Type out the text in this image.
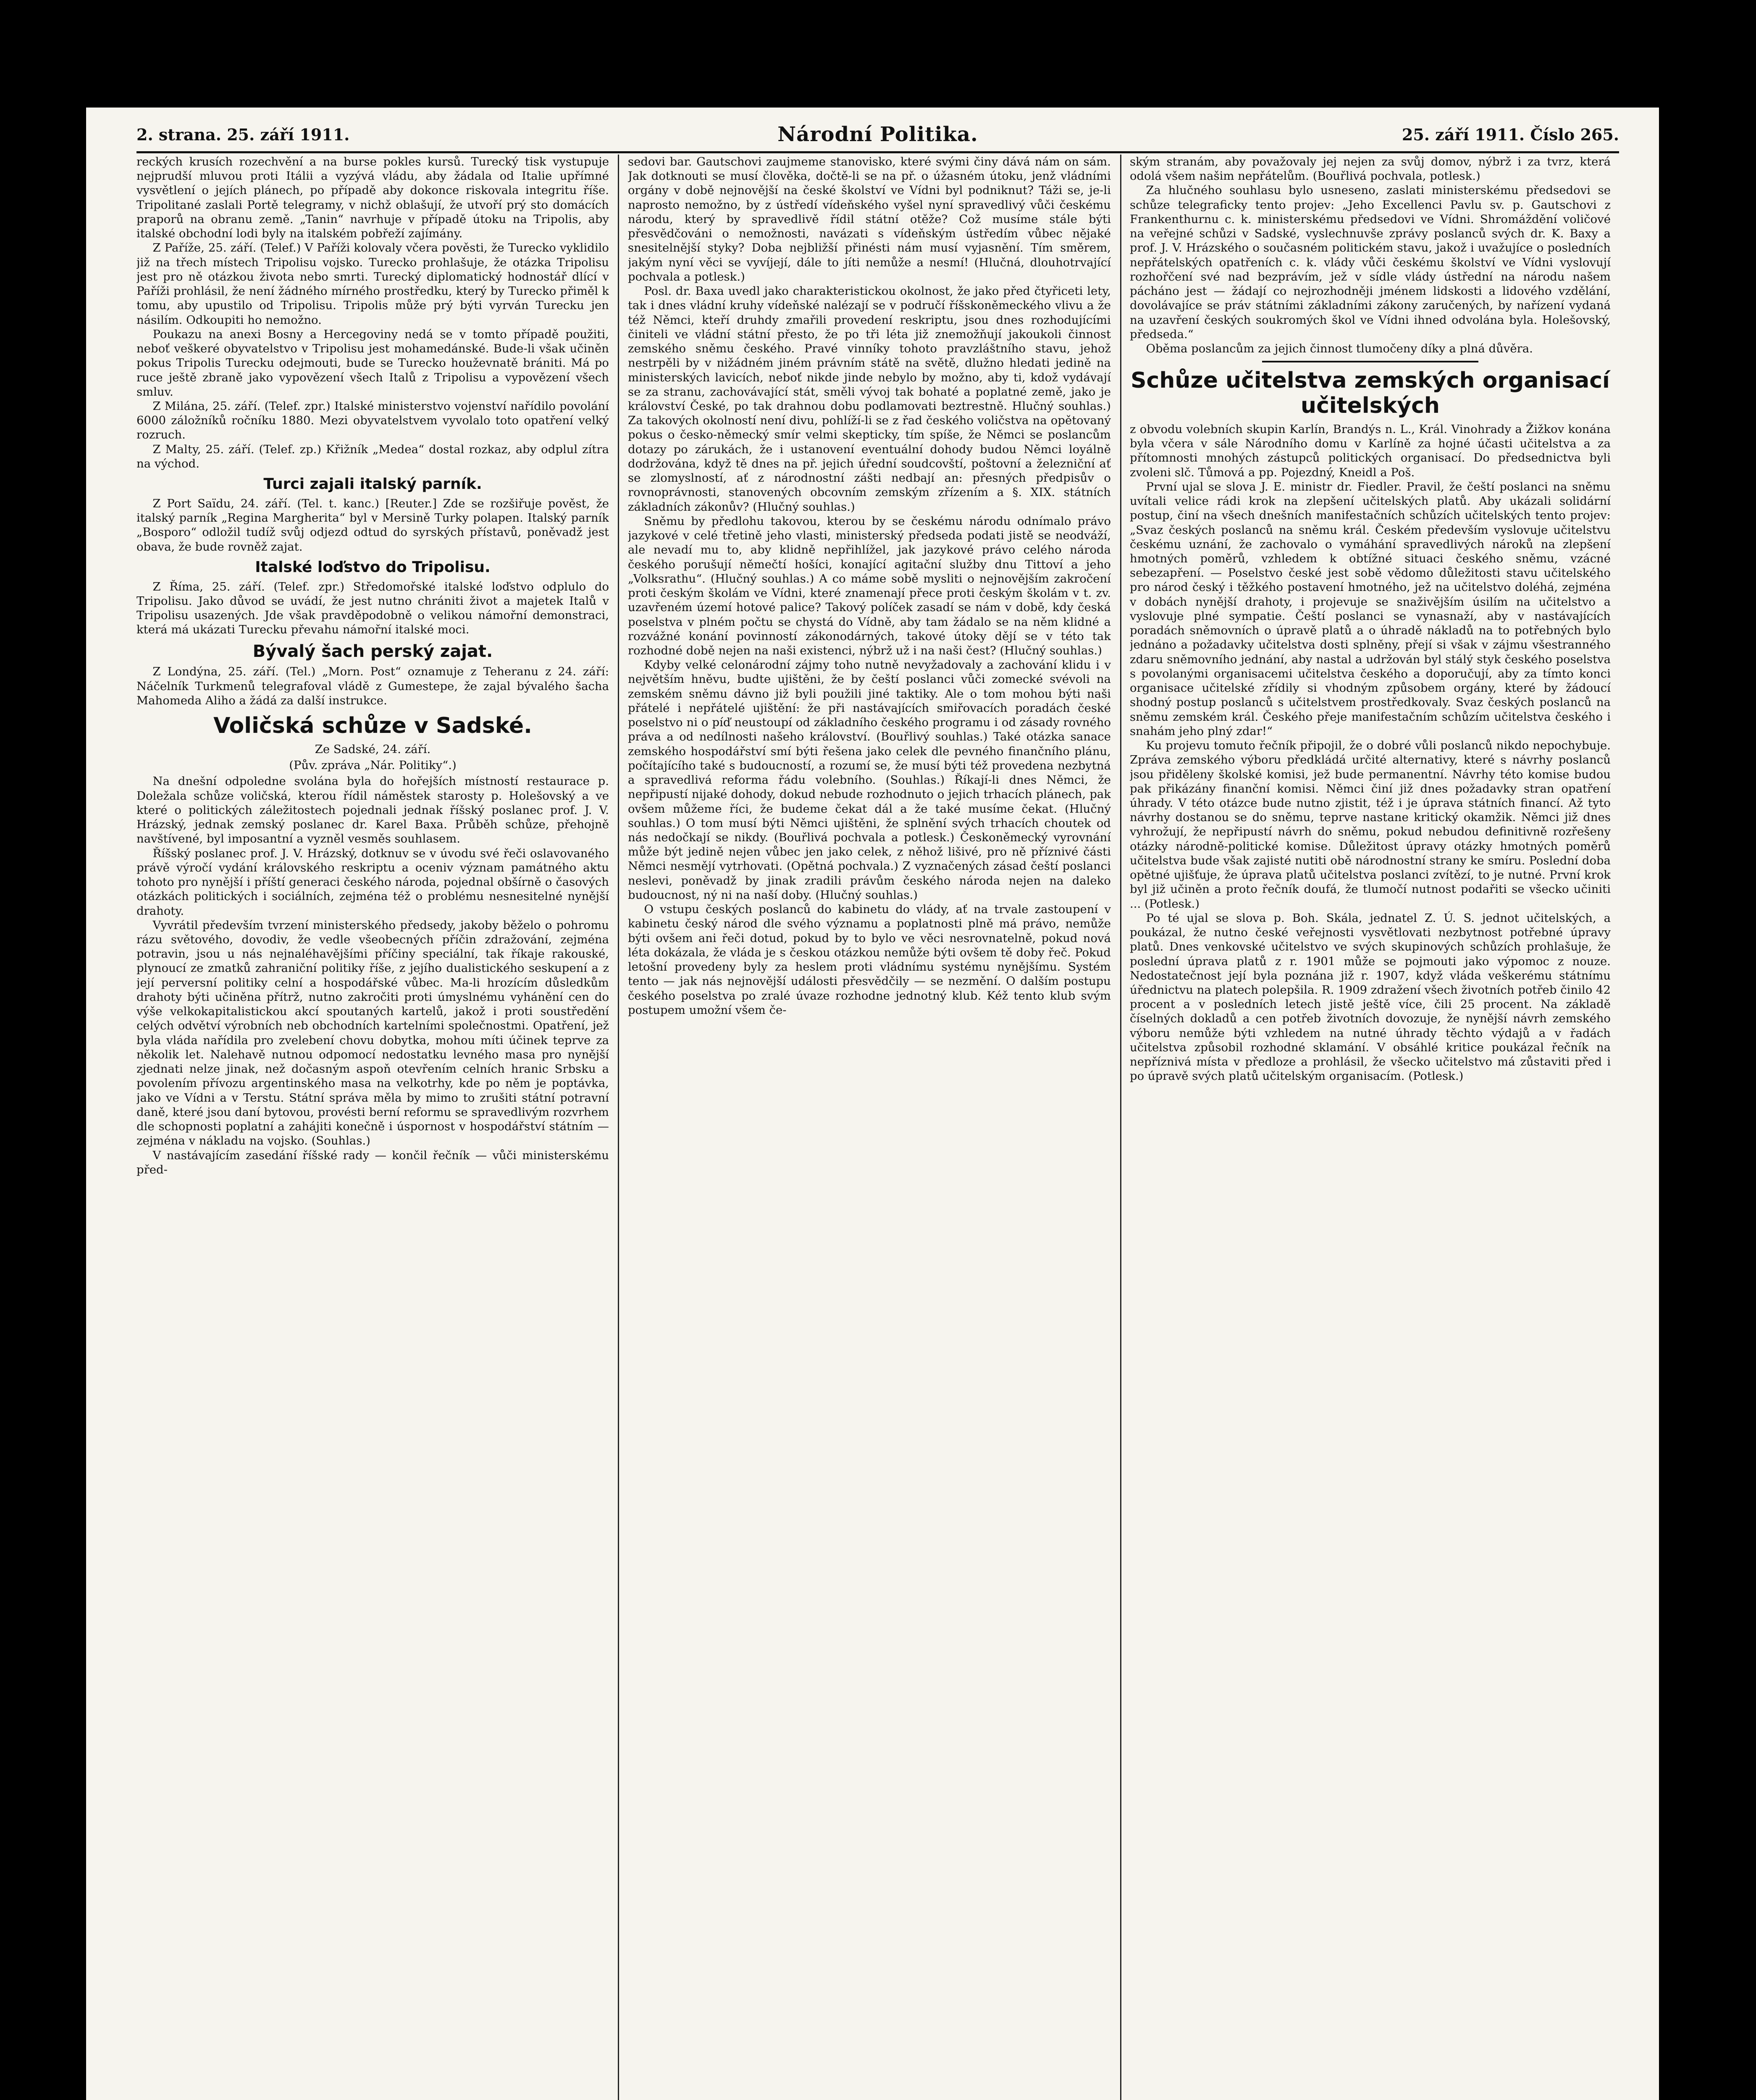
2. strana. 25. září 1911.	Národní Politika.	25. září 1911. Číslo 265.

reckých krusích rozechvění a na burse pokles kursů. Turecký tisk vystupuje nejprudší mluvou proti Itálii a vyzývá vládu, aby žádala od Italie upřímné vysvětlení o jejích plánech, po případě aby dokonce riskovala integritu říše. Tripolitané zaslali Portě telegramy, v nichž oblašují, že utvoří prý sto domácích praporů na obranu země. „Tanin“ navrhuje v případě útoku na Tripolis, aby italské obchodní lodi byly na italském pobřeží zajímány.

Z Paříže, 25. září. (Telef.) V Paříži kolovaly včera pověsti, že Turecko vyklidilo již na třech místech Tripolisu vojsko. Turecko prohlašuje, že otázka Tripolisu jest pro ně otázkou života nebo smrti. Turecký diplomatický hodnostář dlící v Paříži prohlásil, že není žádného mírného prostředku, který by Turecko přiměl k tomu, aby upustilo od Tripolisu. Tripolis může prý býti vyrván Turecku jen násilím. Odkoupiti ho nemožno.

Poukazu na anexi Bosny a Hercegoviny nedá se v tomto případě použiti, neboť veškeré obyvatelstvo v Tripolisu jest mohamedánské. Bude-li však učiněn pokus Tripolis Turecku odejmouti, bude se Turecko houževnatě brániti. Má po ruce ještě zbraně jako vypovězení všech Italů z Tripolisu a vypovězení všech smluv.

Z Milána, 25. září. (Telef. zpr.) Italské ministerstvo vojenství nařídilo povolání 6000 záložníků ročníku 1880. Mezi obyvatelstvem vyvolalo toto opatření velký rozruch.

Z Malty, 25. září. (Telef. zp.) Křižník „Medea“ dostal rozkaz, aby odplul zítra na východ.

Turci zajali italský parník.

Z Port Saïdu, 24. září. (Tel. t. kanc.) [Reuter.] Zde se rozšiřuje pověst, že italský parník „Regina Margherita“ byl v Mersině Turky polapen. Italský parník „Bosporo“ odložil tudíž svůj odjezd odtud do syrských přístavů, poněvadž jest obava, že bude rovněž zajat.

Italské loďstvo do Tripolisu.

Z Říma, 25. září. (Telef. zpr.) Středomořské italské loďstvo odplulo do Tripolisu. Jako důvod se uvádí, že jest nutno chrániti život a majetek Italů v Tripolisu usazených. Jde však pravděpodobně o velikou námořní demonstraci, která má ukázati Turecku převahu námořní italské moci.

Bývalý šach perský zajat.

Z Londýna, 25. září. (Tel.) „Morn. Post“ oznamuje z Teheranu z 24. září: Náčelník Turkmenů telegrafoval vládě z Gumestepe, že zajal bývalého šacha Mahomeda Aliho a žádá za další instrukce.

Voličská schůze v Sadské.
Ze Sadské, 24. září.
(Pův. zpráva „Nár. Politiky“.)

Na dnešní odpoledne svolána byla do hořejších místností restaurace p. Doležala schůze voličská, kterou řídil náměstek starosty p. Holešovský a ve které o politických záležitostech pojednali jednak říšský poslanec prof. J. V. Hrázský, jednak zemský poslanec dr. Karel Baxa. Průběh schůze, přehojně navštívené, byl imposantní a vyzněl vesměs souhlasem.

Říšský poslanec prof. J. V. Hrázský, dotknuv se v úvodu své řeči oslavovaného právě výročí vydání královského reskriptu a oceniv význam památného aktu tohoto pro nynější i příští generaci českého národa, pojednal obšírně o časových otázkách politických i sociálních, zejména též o problému nesnesitelné nynější drahoty.

Vyvrátil především tvrzení ministerského předsedy, jakoby běželo o pohromu rázu světového, dovodiv, že vedle všeobecných příčin zdražování, zejména potravin, jsou u nás nejnaléhavějšími příčiny speciální, tak říkaje rakouské, plynoucí ze zmatků zahraniční politiky říše, z jejího dualistického seskupení a z její perversní politiky celní a hospodářské vůbec. Ma-li hrozícím důsledkům drahoty býti učiněna přítrž, nutno zakročiti proti úmyslnému vyhánění cen do výše velkokapitalistickou akcí spoutaných kartelů, jakož i proti soustředění celých odvětví výrobních neb obchodních kartelními společnostmi. Opatření, jež byla vláda nařídila pro zvelebení chovu dobytka, mohou míti účinek teprve za několik let. Nalehavě nutnou odpomocí nedostatku levného masa pro nynější zjednati nelze jinak, než dočasným aspoň otevřením celních hranic Srbsku a povolením přívozu argentinského masa na velkotrhy, kde po něm je poptávka, jako ve Vídni a v Terstu. Státní správa měla by mimo to zrušiti státní potravní daně, které jsou daní bytovou, provésti berní reformu se spravedlivým rozvrhem dle schopnosti poplatní a zahájiti konečně i úspornost v hospodářství státním — zejména v nákladu na vojsko. (Souhlas.)

V nastávajícím zasedání říšské rady — končil řečník — vůči ministerskému před-

sedovi bar. Gautschovi zaujmeme stanovisko, které svými činy dává nám on sám. Jak dotknouti se musí člověka, dočtě-li se na př. o úžasném útoku, jenž vládními orgány v době nejnovější na české školství ve Vídni byl podniknut? Táži se, je-li naprosto nemožno, by z ústředí vídeňského vyšel nyní spravedlivý vůči českému národu, který by spravedlivě řídil státní otěže? Což musíme stále býti přesvědčováni o nemožnosti, navázati s vídeňským ústředím vůbec nějaké snesitelnější styky? Doba nejbližší přinésti nám musí vyjasnění. Tím směrem, jakým nyní věci se vyvíjejí, dále to jíti nemůže a nesmí! (Hlučná, dlouhotrvající pochvala a potlesk.)

Posl. dr. Baxa uvedl jako charakteristickou okolnost, že jako před čtyřiceti lety, tak i dnes vládní kruhy vídeňské nalézají se v područí říšskoněmeckého vlivu a že též Němci, kteří druhdy zmařili provedení reskriptu, jsou dnes rozhodujícími činiteli ve vládní státní přesto, že po tři léta již znemožňují jakoukoli činnost zemského sněmu českého. Pravé vinníky tohoto pravzláštního stavu, jehož nestrpěli by v nižádném jiném právním státě na světě, dlužno hledati jedině na ministerských lavicích, neboť nikde jinde nebylo by možno, aby ti, kdož vydávají se za stranu, zachovávající stát, směli vývoj tak bohaté a poplatné země, jako je království České, po tak drahnou dobu podlamovati beztrestně. Hlučný souhlas.) Za takových okolností není divu, pohlíží-li se z řad českého voličstva na opětovaný pokus o česko-německý smír velmi skepticky, tím spíše, že Němci se poslancům dotazy po zárukách, že i ustanovení eventuální dohody budou Němci loyálně dodržována, když tě dnes na př. jejich úřední soudcovští, poštovní a železniční ať se zlomyslností, ať z národnostní zášti nedbají an: přesných předpisův o rovnoprávnosti, stanovených obcovním zemským zřízením a §. XIX. státních základních zákonův? (Hlučný souhlas.)

Sněmu by předlohu takovou, kterou by se českému národu odnímalo právo jazykové v celé třetině jeho vlasti, ministerský předseda podati jistě se neodváží, ale nevadí mu to, aby klidně nepřihlížel, jak jazykové právo celého národa českého porušují němečtí hošíci, konající agitační služby dnu Tittoví a jeho „Volksrathu“. (Hlučný souhlas.) A co máme sobě mysliti o nejnovějším zakročení proti českým školám ve Vídni, které znamenají přece proti českým školám v t. zv. uzavřeném území hotové palice? Takový políček zasadí se nám v době, kdy česká poselstva v plném počtu se chystá do Vídně, aby tam žádalo se na něm klidné a rozvážné konání povinností zákonodárných, takové útoky dějí se v této tak rozhodné době nejen na naši existenci, nýbrž už i na naši čest? (Hlučný souhlas.)

Kdyby velké celonárodní zájmy toho nutně nevyžadovaly a zachování klidu i v největším hněvu, budte ujištěni, že by čeští poslanci vůči zomecké svévoli na zemském sněmu dávno již byli použili jiné taktiky. Ale o tom mohou býti naši přátelé i nepřátelé ujištění: že při nastávajících smiřovacích poradách české poselstvo ni o píď neustoupí od základního českého programu i od zásady rovného práva a od nedílnosti našeho království. (Bouřlivý souhlas.) Také otázka sanace zemského hospodářství smí býti řešena jako celek dle pevného finančního plánu, počítajícího také s budoucností, a rozumí se, že musí býti též provedena nezbytná a spravedlivá reforma řádu volebního. (Souhlas.) Říkají-li dnes Němci, že nepřipustí nijaké dohody, dokud nebude rozhodnuto o jejich trhacích plánech, pak ovšem můžeme říci, že budeme čekat dál a že také musíme čekat. (Hlučný souhlas.) O tom musí býti Němci ujištěni, že splnění svých trhacích choutek od nás nedočkají se nikdy. (Bouřlivá pochvala a potlesk.) Českoněmecký vyrovnání může být jedině nejen vůbec jen jako celek, z něhož lišivé, pro ně příznivé části Němci nesmějí vytrhovati. (Opětná pochvala.) Z vyznačených zásad čeští poslanci neslevi, poněvadž by jinak zradili právům českého národa nejen na daleko budoucnost, ný ni na naší doby. (Hlučný souhlas.)

O vstupu českých poslanců do kabinetu do vlády, ať na trvale zastoupení v kabinetu český národ dle svého významu a poplatnosti plně má právo, nemůže býti ovšem ani řeči dotud, pokud by to bylo ve věci nesrovnatelně, pokud nová léta dokázala, že vláda je s českou otázkou nemůže býti ovšem tě doby řeč. Pokud letošní provedeny byly za heslem proti vládnímu systému nynějšímu. Systém tento — jak nás nejnovější události přesvědčily — se nezmění. O dalším postupu českého poselstva po zralé úvaze rozhodne jednotný klub. Kéž tento klub svým postupem umožní všem če-

ským stranám, aby považovaly jej nejen za svůj domov, nýbrž i za tvrz, která odolá všem našim nepřátelům. (Bouřlivá pochvala, potlesk.)

Za hlučného souhlasu bylo usneseno, zaslati ministerskému předsedovi se schůze telegraficky tento projev: „Jeho Excellenci Pavlu sv. p. Gautschovi z Frankenthurnu c. k. ministerskému předsedovi ve Vídni. Shromáždění voličové na veřejné schůzi v Sadské, vyslechnuvše zprávy poslanců svých dr. K. Baxy a prof. J. V. Hrázského o současném politickém stavu, jakož i uvažujíce o posledních nepřátelských opatřeních c. k. vlády vůči českému školství ve Vídni vyslovují rozhořčení své nad bezprávím, jež v sídle vlády ústřední na národu našem pácháno jest — žádají co nejrozhodněji jménem lidskosti a lidového vzdělání, dovolávajíce se práv státními základními zákony zaručených, by nařízení vydaná na uzavření českých soukromých škol ve Vídni ihned odvolána byla. Holešovský, předseda.“

Oběma poslancům za jejich činnost tlumočeny díky a plná důvěra.

Schůze učitelstva zemských organisací učitelských

z obvodu volebních skupin Karlín, Brandýs n. L., Král. Vinohrady a Žižkov konána byla včera v sále Národního domu v Karlíně za hojné účasti učitelstva a za přítomnosti mnohých zástupců politických organisací. Do předsednictva byli zvoleni slč. Tůmová a pp. Pojezdný, Kneidl a Poš.

První ujal se slova J. E. ministr dr. Fiedler. Pravil, že čeští poslanci na sněmu uvítali velice rádi krok na zlepšení učitelských platů. Aby ukázali solidární postup, činí na všech dnešních manifestačních schůzích učitelských tento projev: „Svaz českých poslanců na sněmu král. Českém především vyslovuje učitelstvu českému uznání, že zachovalo o vymáhání spravedlivých nároků na zlepšení hmotných poměrů, vzhledem k obtížné situaci českého sněmu, vzácné sebezapření. — Poselstvo české jest sobě vědomo důležitosti stavu učitelského pro národ český i těžkého postavení hmotného, jež na učitelstvo doléhá, zejména v dobách nynější drahoty, i projevuje se snaživějším úsilím na učitelstvo a vyslovuje plné sympatie. Čeští poslanci se vynasnaží, aby v nastávajících poradách sněmovních o úpravě platů a o úhradě nákladů na to potřebných bylo jednáno a požadavky učitelstva dosti splněny, přejí si však v zájmu všestranného zdaru sněmovního jednání, aby nastal a udržován byl stálý styk českého poselstva s povolanými organisacemi učitelstva českého a doporučují, aby za tímto konci organisace učitelské zřídily si vhodným způsobem orgány, které by žádoucí shodný postup poslanců s učitelstvem prostředkovaly. Svaz českých poslanců na sněmu zemském král. Českého přeje manifestačním schůzím učitelstva českého i snahám jeho plný zdar!“

Ku projevu tomuto řečník připojil, že o dobré vůli poslanců nikdo nepochybuje. Zpráva zemského výboru předkládá určité alternativy, které s návrhy poslanců jsou přiděleny školské komisi, jež bude permanentní. Návrhy této komise budou pak přikázány finanční komisi. Němci činí již dnes požadavky stran opatření úhrady. V této otázce bude nutno zjistit, též i je úprava státních financí. Až tyto návrhy dostanou se do sněmu, teprve nastane kritický okamžik. Němci již dnes vyhrožují, že nepřipustí návrh do sněmu, pokud nebudou definitivně rozřešeny otázky národně-politické komise. Důležitost úpravy otázky hmotných poměrů učitelstva bude však zajisté nutiti obě národnostní strany ke smíru. Poslední doba opětné ujišťuje, že úprava platů učitelstva poslanci zvítězí, to je nutné. První krok byl již učiněn a proto řečník doufá, že tlumočí nutnost podařiti se všecko učiniti ... (Potlesk.)

Po té ujal se slova p. Boh. Skála, jednatel Z. Ú. S. jednot učitelských, a poukázal, že nutno české veřejnosti vysvětlovati nezbytnost potřebné úpravy platů. Dnes venkovské učitelstvo ve svých skupinových schůzích prohlašuje, že poslední úprava platů z r. 1901 může se pojmouti jako výpomoc z nouze. Nedostatečnost její byla poznána již r. 1907, když vláda veškerému státnímu úřednictvu na platech polepšila. R. 1909 zdražení všech životních potřeb činilo 42 procent a v posledních letech jistě ještě více, čili 25 procent. Na základě číselných dokladů a cen potřeb životních dovozuje, že nynější návrh zemského výboru nemůže býti vzhledem na nutné úhrady těchto výdajů a v řadách učitelstva způsobil rozhodné sklamání. V obsáhlé kritice poukázal řečník na nepříznivá místa v předloze a prohlásil, že všecko učitelstvo má zůstaviti před i po úpravě svých platů učitelským organisacím. (Potlesk.)
